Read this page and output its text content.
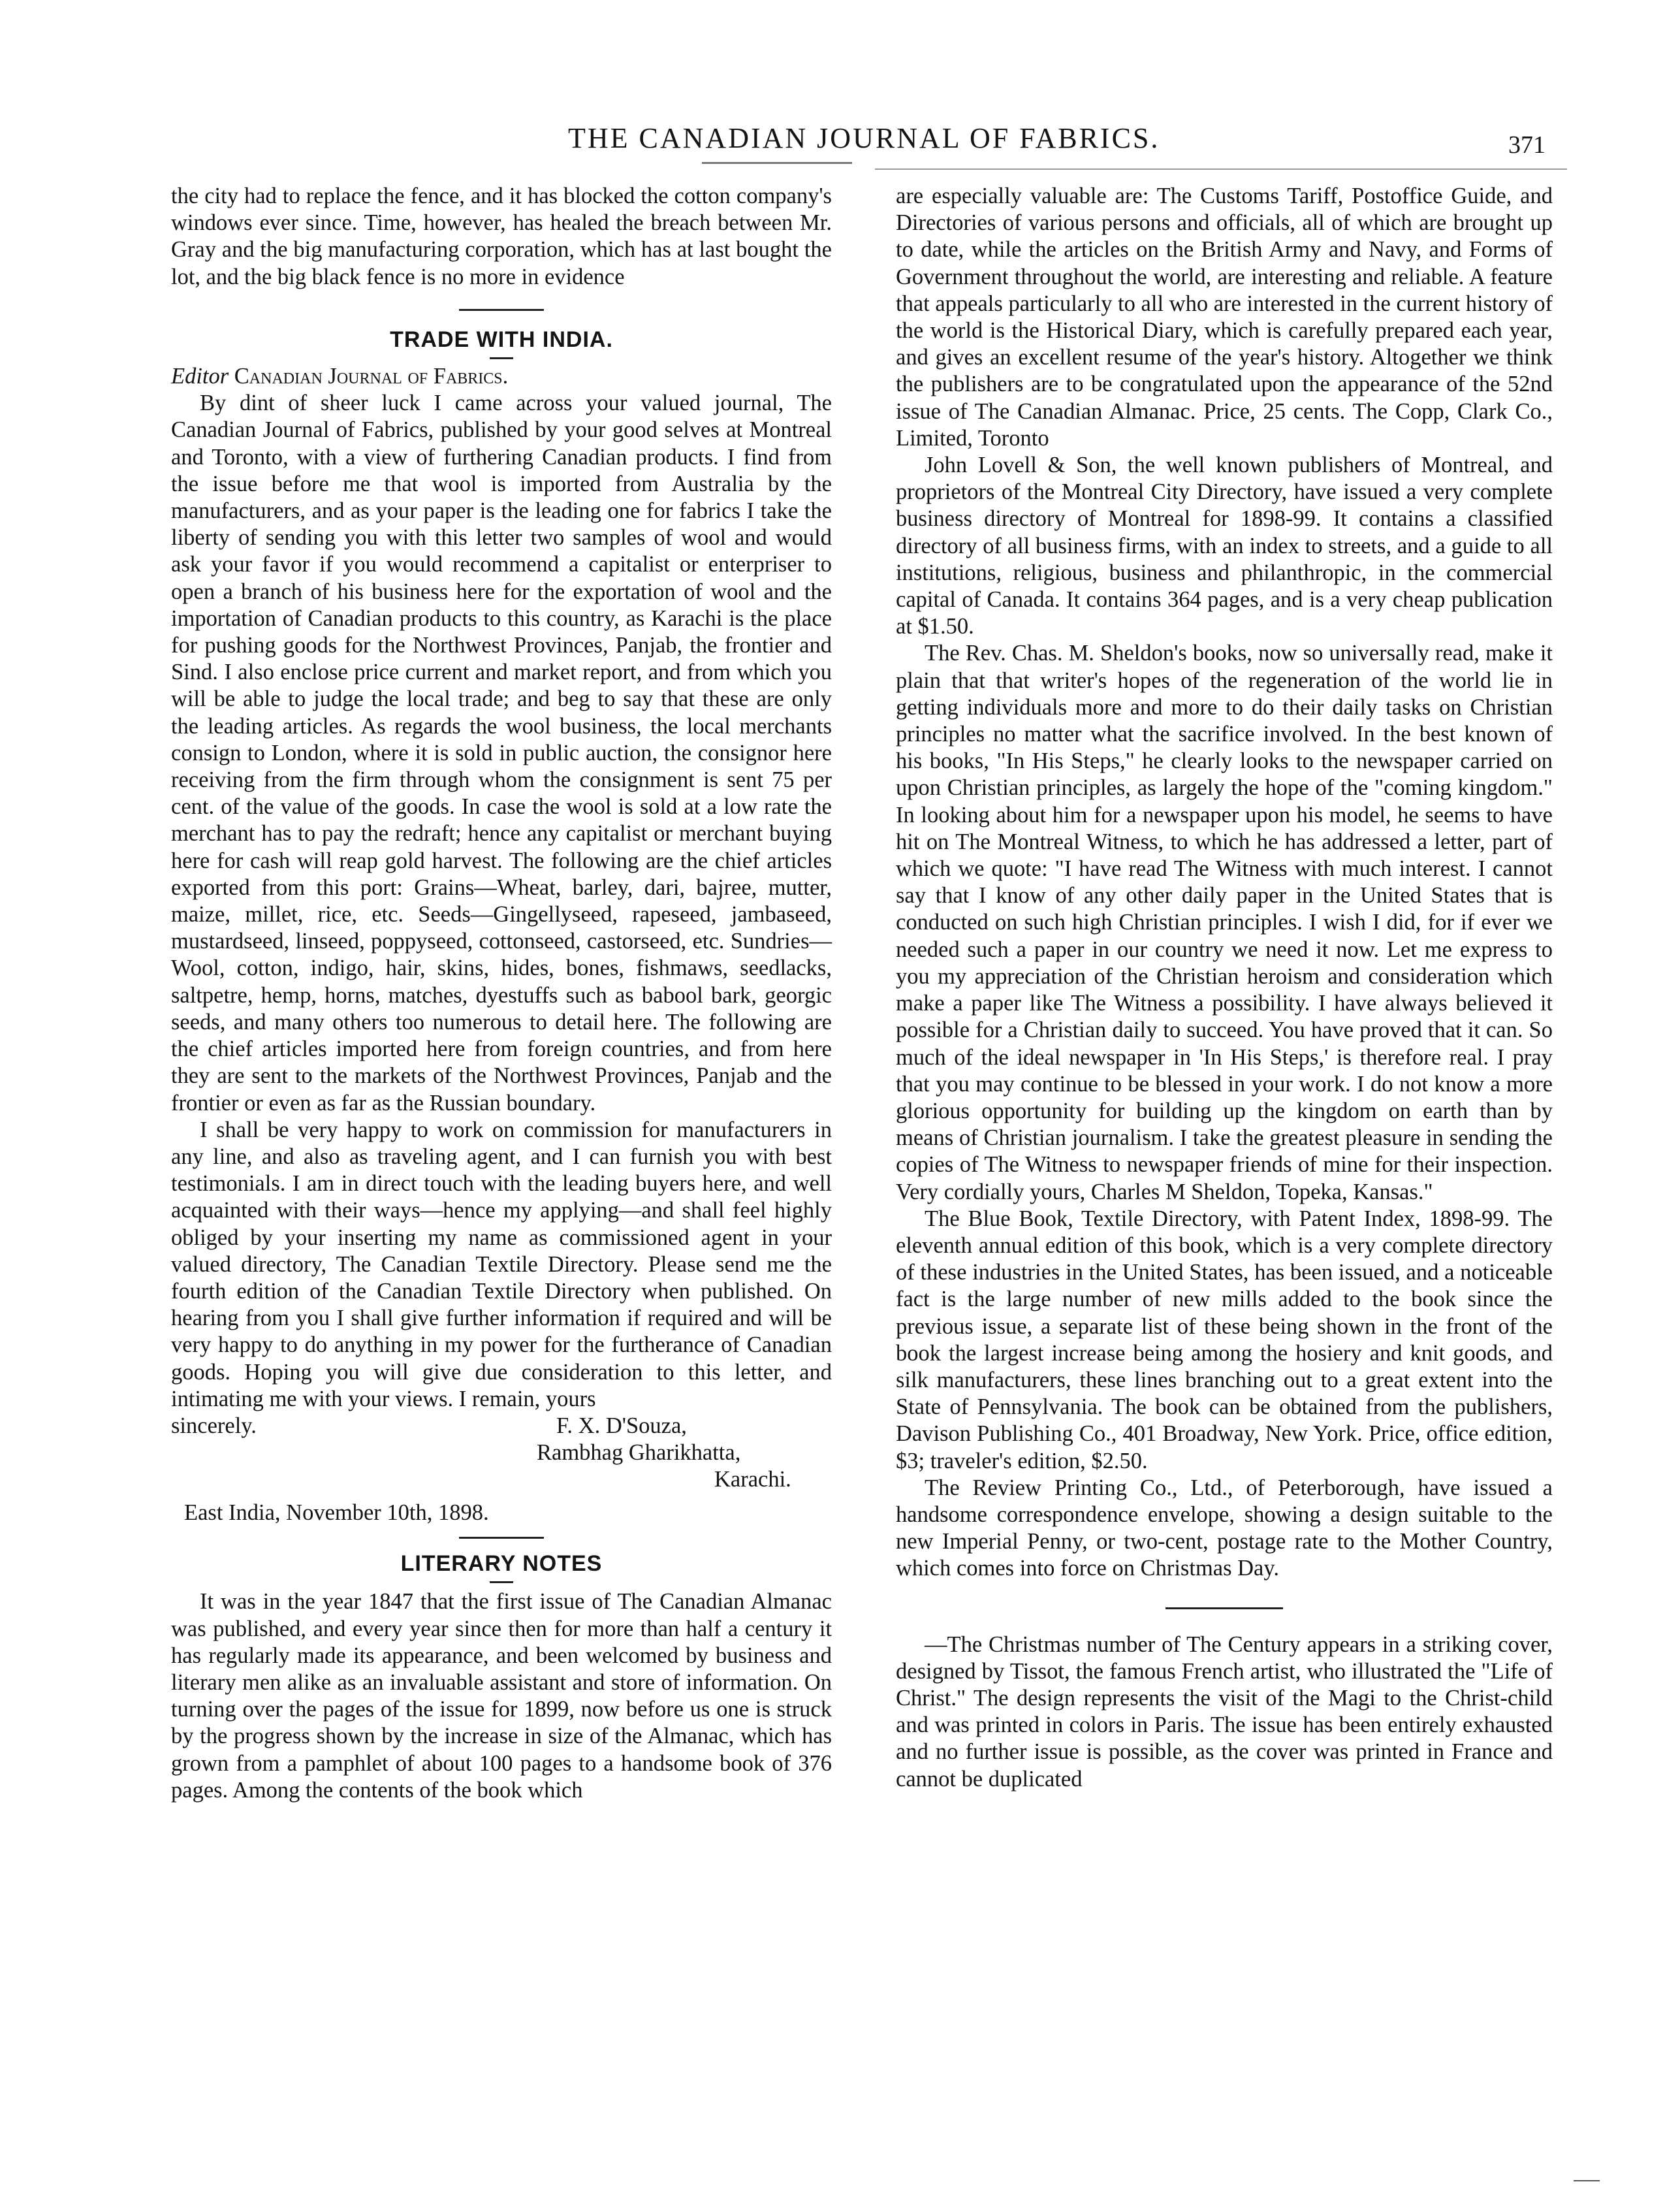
THE CANADIAN JOURNAL OF FABRICS.	371

the city had to replace the fence, and it has blocked the cotton company's windows ever since. Time, however, has healed the breach between Mr. Gray and the big manufacturing corporation, which has at last bought the lot, and the big black fence is no more in evidence

TRADE WITH INDIA.

Editor Canadian Journal of Fabrics.

By dint of sheer luck I came across your valued journal, The Canadian Journal of Fabrics, published by your good selves at Montreal and Toronto, with a view of furthering Canadian products. I find from the issue before me that wool is imported from Australia by the manufacturers, and as your paper is the leading one for fabrics I take the liberty of sending you with this letter two samples of wool and would ask your favor if you would recommend a capitalist or enterpriser to open a branch of his business here for the exportation of wool and the importation of Canadian products to this country, as Karachi is the place for pushing goods for the Northwest Provinces, Panjab, the frontier and Sind. I also enclose price current and market report, and from which you will be able to judge the local trade; and beg to say that these are only the leading articles. As regards the wool business, the local merchants consign to London, where it is sold in public auction, the consignor here receiving from the firm through whom the consignment is sent 75 per cent. of the value of the goods. In case the wool is sold at a low rate the merchant has to pay the redraft; hence any capitalist or merchant buying here for cash will reap gold harvest. The following are the chief articles exported from this port: Grains—Wheat, barley, dari, bajree, mutter, maize, millet, rice, etc. Seeds—Gingellyseed, rapeseed, jambaseed, mustardseed, linseed, poppyseed, cottonseed, castorseed, etc. Sundries—Wool, cotton, indigo, hair, skins, hides, bones, fishmaws, seedlacks, saltpetre, hemp, horns, matches, dyestuffs such as babool bark, georgic seeds, and many others too numerous to detail here. The following are the chief articles imported here from foreign countries, and from here they are sent to the markets of the Northwest Provinces, Panjab and the frontier or even as far as the Russian boundary.

I shall be very happy to work on commission for manufacturers in any line, and also as traveling agent, and I can furnish you with best testimonials. I am in direct touch with the leading buyers here, and well acquainted with their ways—hence my applying—and shall feel highly obliged by your inserting my name as commissioned agent in your valued directory, The Canadian Textile Directory. Please send me the fourth edition of the Canadian Textile Directory when published. On hearing from you I shall give further information if required and will be very happy to do anything in my power for the furtherance of Canadian goods. Hoping you will give due consideration to this letter, and intimating me with your views. I remain, yours

sincerely.	F. X. D'Souza,
Rambhag Gharikhatta,
Karachi.

East India, November 10th, 1898.

LITERARY NOTES

It was in the year 1847 that the first issue of The Canadian Almanac was published, and every year since then for more than half a century it has regularly made its appearance, and been welcomed by business and literary men alike as an invaluable assistant and store of information. On turning over the pages of the issue for 1899, now before us one is struck by the progress shown by the increase in size of the Almanac, which has grown from a pamphlet of about 100 pages to a handsome book of 376 pages. Among the contents of the book which

are especially valuable are: The Customs Tariff, Postoffice Guide, and Directories of various persons and officials, all of which are brought up to date, while the articles on the British Army and Navy, and Forms of Government throughout the world, are interesting and reliable. A feature that appeals particularly to all who are interested in the current history of the world is the Historical Diary, which is carefully prepared each year, and gives an excellent resume of the year's history. Altogether we think the publishers are to be congratulated upon the appearance of the 52nd issue of The Canadian Almanac. Price, 25 cents. The Copp, Clark Co., Limited, Toronto

John Lovell & Son, the well known publishers of Montreal, and proprietors of the Montreal City Directory, have issued a very complete business directory of Montreal for 1898-99. It contains a classified directory of all business firms, with an index to streets, and a guide to all institutions, religious, business and philanthropic, in the commercial capital of Canada. It contains 364 pages, and is a very cheap publication at $1.50.

The Rev. Chas. M. Sheldon's books, now so universally read, make it plain that that writer's hopes of the regeneration of the world lie in getting individuals more and more to do their daily tasks on Christian principles no matter what the sacrifice involved. In the best known of his books, "In His Steps," he clearly looks to the newspaper carried on upon Christian principles, as largely the hope of the "coming kingdom." In looking about him for a newspaper upon his model, he seems to have hit on The Montreal Witness, to which he has addressed a letter, part of which we quote: "I have read The Witness with much interest. I cannot say that I know of any other daily paper in the United States that is conducted on such high Christian principles. I wish I did, for if ever we needed such a paper in our country we need it now. Let me express to you my appreciation of the Christian heroism and consideration which make a paper like The Witness a possibility. I have always believed it possible for a Christian daily to succeed. You have proved that it can. So much of the ideal newspaper in 'In His Steps,' is therefore real. I pray that you may continue to be blessed in your work. I do not know a more glorious opportunity for building up the kingdom on earth than by means of Christian journalism. I take the greatest pleasure in sending the copies of The Witness to newspaper friends of mine for their inspection. Very cordially yours, Charles M Sheldon, Topeka, Kansas."

The Blue Book, Textile Directory, with Patent Index, 1898-99. The eleventh annual edition of this book, which is a very complete directory of these industries in the United States, has been issued, and a noticeable fact is the large number of new mills added to the book since the previous issue, a separate list of these being shown in the front of the book the largest increase being among the hosiery and knit goods, and silk manufacturers, these lines branching out to a great extent into the State of Pennsylvania. The book can be obtained from the publishers, Davison Publishing Co., 401 Broadway, New York. Price, office edition, $3; traveler's edition, $2.50.

The Review Printing Co., Ltd., of Peterborough, have issued a handsome correspondence envelope, showing a design suitable to the new Imperial Penny, or two-cent, postage rate to the Mother Country, which comes into force on Christmas Day.

—The Christmas number of The Century appears in a striking cover, designed by Tissot, the famous French artist, who illustrated the "Life of Christ." The design represents the visit of the Magi to the Christ-child and was printed in colors in Paris. The issue has been entirely exhausted and no further issue is possible, as the cover was printed in France and cannot be duplicated
